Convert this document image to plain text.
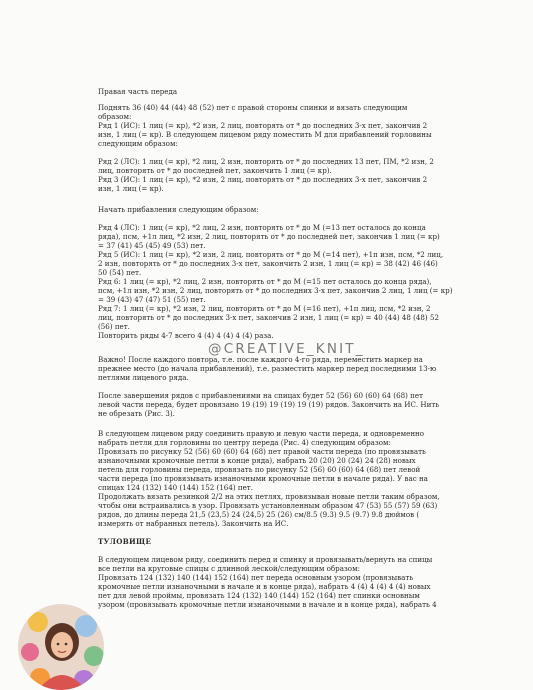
Правая часть переда
Поднять 36 (40) 44 (44) 48 (52) пет с правой стороны спинки и вязать следующим
образом:
Ряд 1 (ИС): 1 лиц (= кр), *2 изн, 2 лиц, повторять от * до последних 3-х пет, закончив 2
изн, 1 лиц (= кр). В следующем лицевом ряду поместить М для прибавлений горловины
следующим образом:
Ряд 2 (ЛС): 1 лиц (= кр), *2 лиц, 2 изн, повторять от * до последних 13 пет, ПМ, *2 изн, 2
лиц, повторять от * до последней пет, закончить 1 лиц (= кр).
Ряд 3 (ИС): 1 лиц (= кр), *2 изн, 2 лиц, повторять от * до последних 3-х пет, закончив 2
изн, 1 лиц (= кр).
Начать прибавления следующим образом:
Ряд 4 (ЛС): 1 лиц (= кр), *2 лиц, 2 изн, повторять от * до М (=13 пет осталось до конца
ряда), псм, +1л лиц, *2 изн, 2 лиц, повторять от * до последней пет, закончив 1 лиц (= кр)
= 37 (41) 45 (45) 49 (53) пет.
Ряд 5 (ИС): 1 лиц (= кр), *2 изн, 2 лиц, повторять от * до М (=14 пет), +1п изн, псм, *2 лиц,
2 изн, повторять от * до последних 3-х пет, закончить 2 изн, 1 лиц (= кр) = 38 (42) 46 (46)
50 (54) пет.
Ряд 6: 1 лиц (= кр), *2 лиц, 2 изн, повторять от * до М (=15 пет осталось до конца ряда),
псм, +1л изн, *2 изн, 2 лиц, повторять от * до последних 3-х пет, закончив 2 лиц, 1 лиц (= кр)
= 39 (43) 47 (47) 51 (55) пет.
Ряд 7: 1 лиц (= кр), *2 изн, 2 лиц, повторять от * до М (=16 пет), +1п лиц, псм, *2 изн, 2
лиц, повторять от * до последних 3-х пет, закончив 2 изн, 1 лиц (= кр) = 40 (44) 48 (48) 52
(56) пет.
Повторить ряды 4-7 всего 4 (4) 4 (4) 4 (4) раза.
Важно! После каждого повтора, т.е. после каждого 4-го ряда, переместить маркер на
прежнее место (до начала прибавлений), т.е. разместить маркер перед последними 13-ю
петлями лицевого ряда.
После завершения рядов с прибавлениями на спицах будет 52 (56) 60 (60) 64 (68) пет
левой части переда, будет провязано 19 (19) 19 (19) 19 (19) рядов. Закончить на ИС. Нить
не обрезать (Рис. 3).
В следующем лицевом ряду соединить правую и левую части переда, и одновременно
набрать петли для горловины по центру переда (Рис. 4) следующим образом:
Провязать по рисунку 52 (56) 60 (60) 64 (68) пет правой части переда (по провязывать
изнаночными кромочные петли в конце ряда), набрать 20 (20) 20 (24) 24 (28) новых
петель для горловины переда, провязать по рисунку 52 (56) 60 (60) 64 (68) пет левой
части переда (по провязывать изнаночными кромочные петли в начале ряда). У вас на
спицах 124 (132) 140 (144) 152 (164) пет.
Продолжать вязать резинкой 2/2 на этих петлях, провязывая новые петли таким образом,
чтобы они встраивались в узор. Провязать установленным образом 47 (53) 55 (57) 59 (63)
рядов, до длины переда 21,5 (23,5) 24 (24,5) 25 (26) см/8.5 (9.3) 9.5 (9.7) 9.8 дюймов (
измерять от набранных петель). Закончить на ИС.
ТУЛОВИЩЕ
В следующем лицевом ряду, соединить перед и спинку и провязывать/вернуть на спицы
все петли на круговые спицы с длинной леской/следующим образом:
Провязать 124 (132) 140 (144) 152 (164) пет переда основным узором (провязывать
кромочные петли изнаночными в начале и в конце ряда), набрать 4 (4) 4 (4) 4 (4) новых
пет для левой проймы, провязать 124 (132) 140 (144) 152 (164) пет спинки основным
узором (провязывать кромочные петли изнаночными в начале и в конце ряда), набрать 4
@CREATIVE_KNIT_
